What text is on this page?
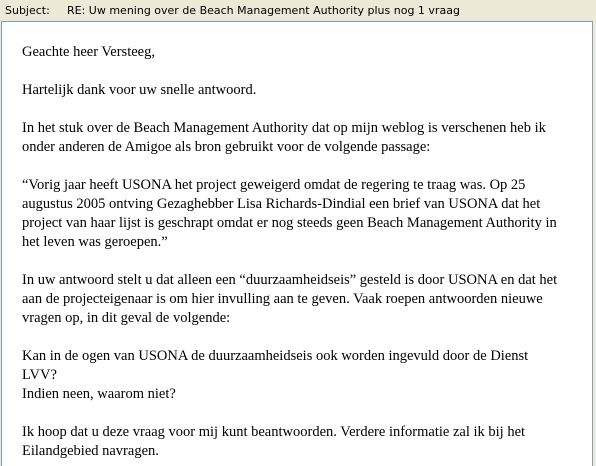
Subject:	RE: Uw mening over de Beach Management Authority plus nog 1 vraag

Geachte heer Versteeg,

Hartelijk dank voor uw snelle antwoord.

In het stuk over de Beach Management Authority dat op mijn weblog is verschenen heb ik
onder anderen de Amigoe als bron gebruikt voor de volgende passage:

“Vorig jaar heeft USONA het project geweigerd omdat de regering te traag was. Op 25
augustus 2005 ontving Gezaghebber Lisa Richards-Dindial een brief van USONA dat het
project van haar lijst is geschrapt omdat er nog steeds geen Beach Management Authority in
het leven was geroepen.”

In uw antwoord stelt u dat alleen een “duurzaamheidseis” gesteld is door USONA en dat het
aan de projecteigenaar is om hier invulling aan te geven. Vaak roepen antwoorden nieuwe
vragen op, in dit geval de volgende:

Kan in de ogen van USONA de duurzaamheidseis ook worden ingevuld door de Dienst
LVV?
Indien neen, waarom niet?

Ik hoop dat u deze vraag voor mij kunt beantwoorden. Verdere informatie zal ik bij het
Eilandgebied navragen.
